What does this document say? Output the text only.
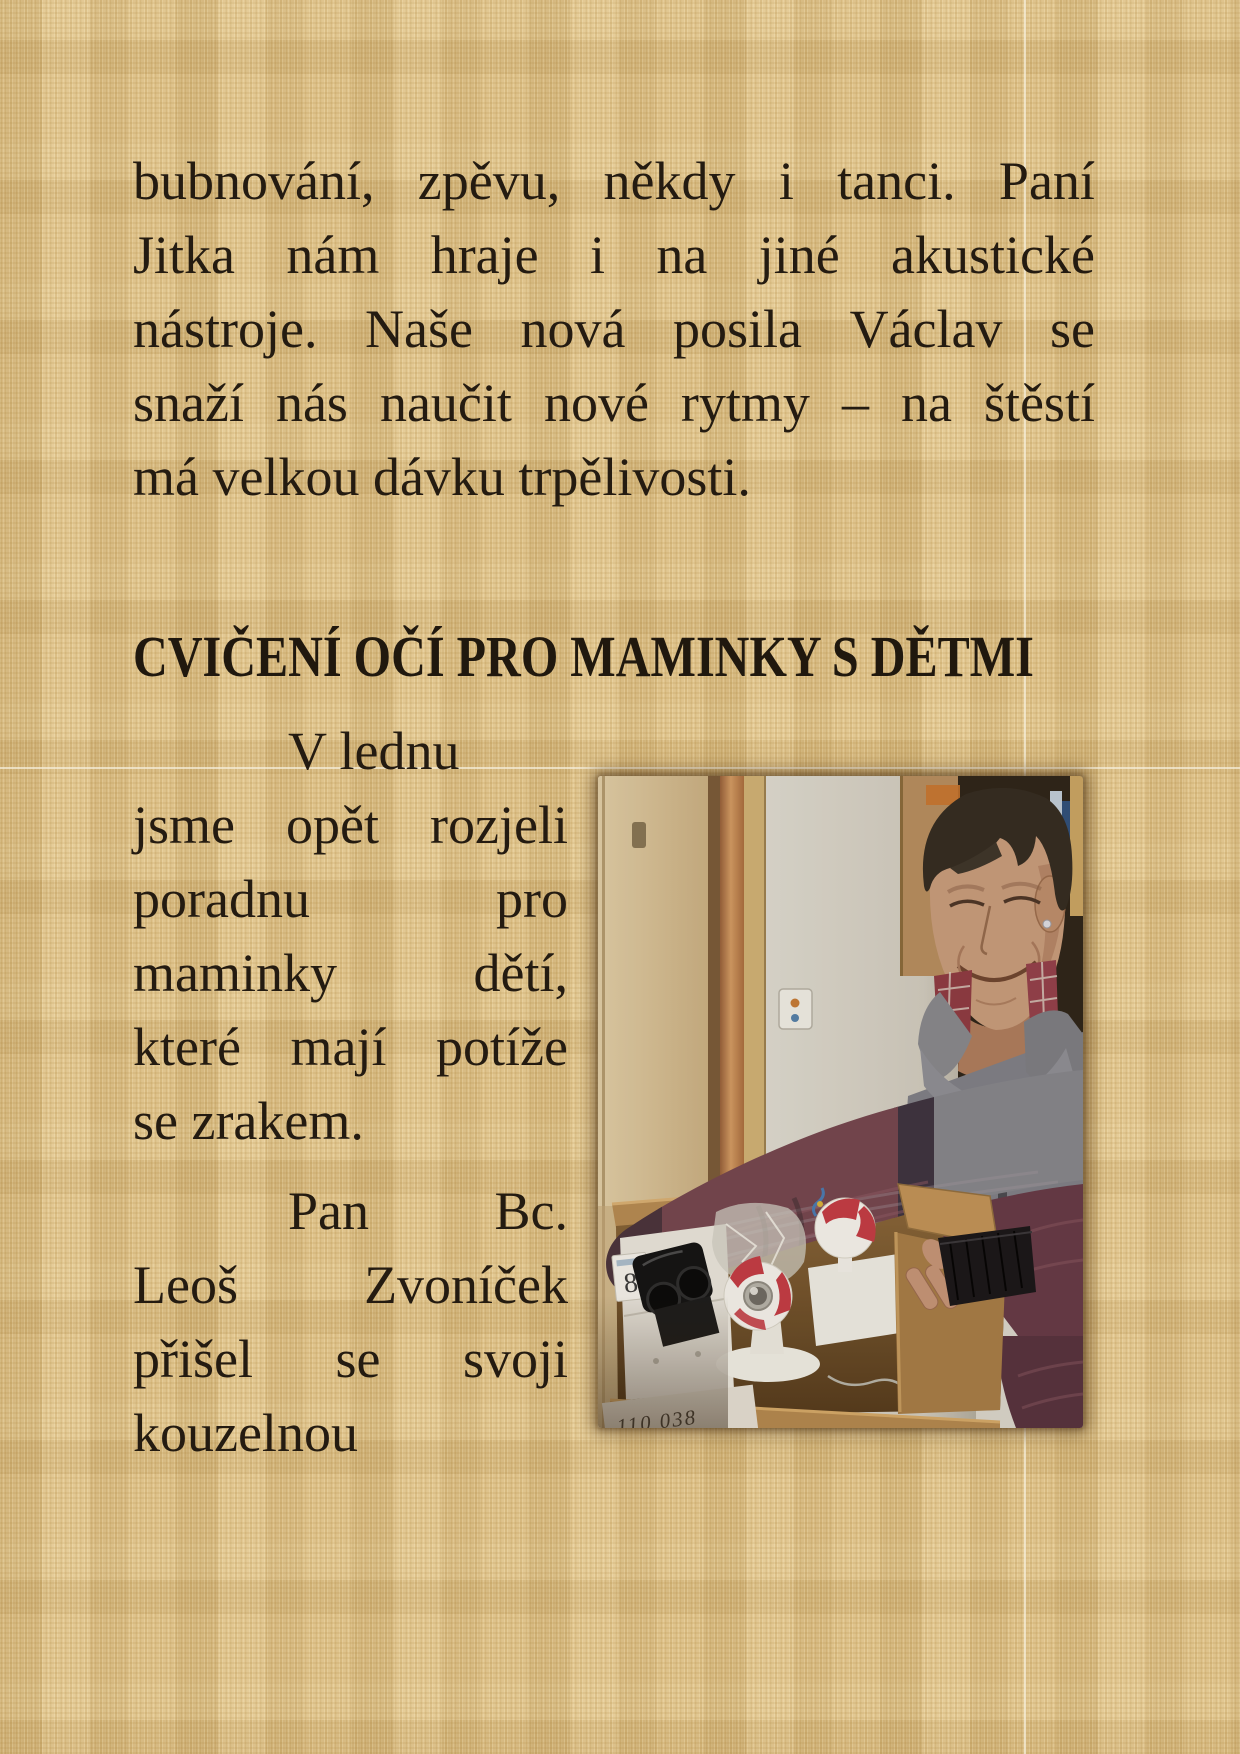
bubnování, zpěvu, někdy i tanci. Paní
Jitka nám hraje i na jiné akustické
nástroje. Naše nová posila Václav se
snaží nás naučit nové rytmy – na štěstí
má velkou dávku trpělivosti.
CVIČENÍ OČÍ PRO MAMINKY S DĚTMI
V lednu
jsme opět rozjeli
poradnu	pro
maminky	dětí,
které mají potíže
se zrakem.
Pan Bc.
Leoš Zvoníček
přišel se svoji
kouzelnou
